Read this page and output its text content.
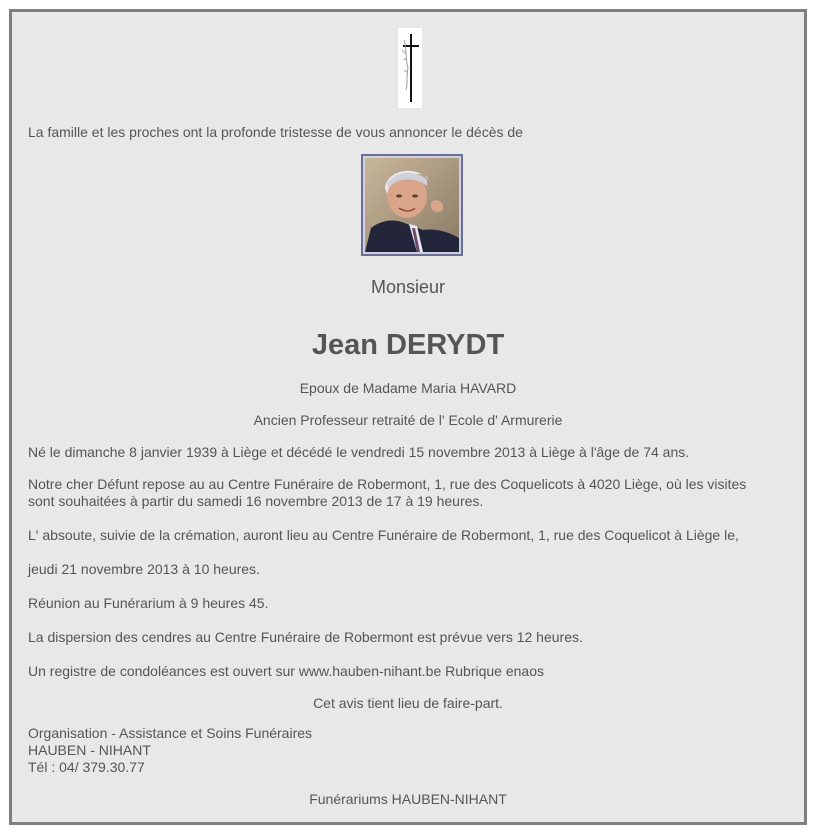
La famille et les proches ont la profonde tristesse de vous annoncer le décès de

Monsieur

Jean DERYDT

Epoux de Madame Maria HAVARD

Ancien Professeur retraité de l' Ecole d' Armurerie

Né le dimanche 8 janvier 1939 à Liège et décédé le vendredi 15 novembre 2013 à Liège à l'âge de 74 ans.

Notre cher Défunt repose au au Centre Funéraire de Robermont, 1, rue des Coquelicots à 4020 Liège, où les visites

sont souhaitées à partir du samedi 16 novembre 2013 de 17 à 19 heures.

L' absoute, suivie de la crémation, auront lieu au Centre Funéraire de Robermont, 1, rue des Coquelicot à Liège le,

jeudi 21 novembre 2013 à 10 heures.

Réunion au Funérarium à 9 heures 45.

La dispersion des cendres au Centre Funéraire de Robermont est prévue vers 12 heures.

Un registre de condoléances est ouvert sur www.hauben-nihant.be Rubrique enaos

Cet avis tient lieu de faire-part.

Organisation - Assistance et Soins Funéraires

HAUBEN - NIHANT

Tél : 04/ 379.30.77

Funérariums HAUBEN-NIHANT
